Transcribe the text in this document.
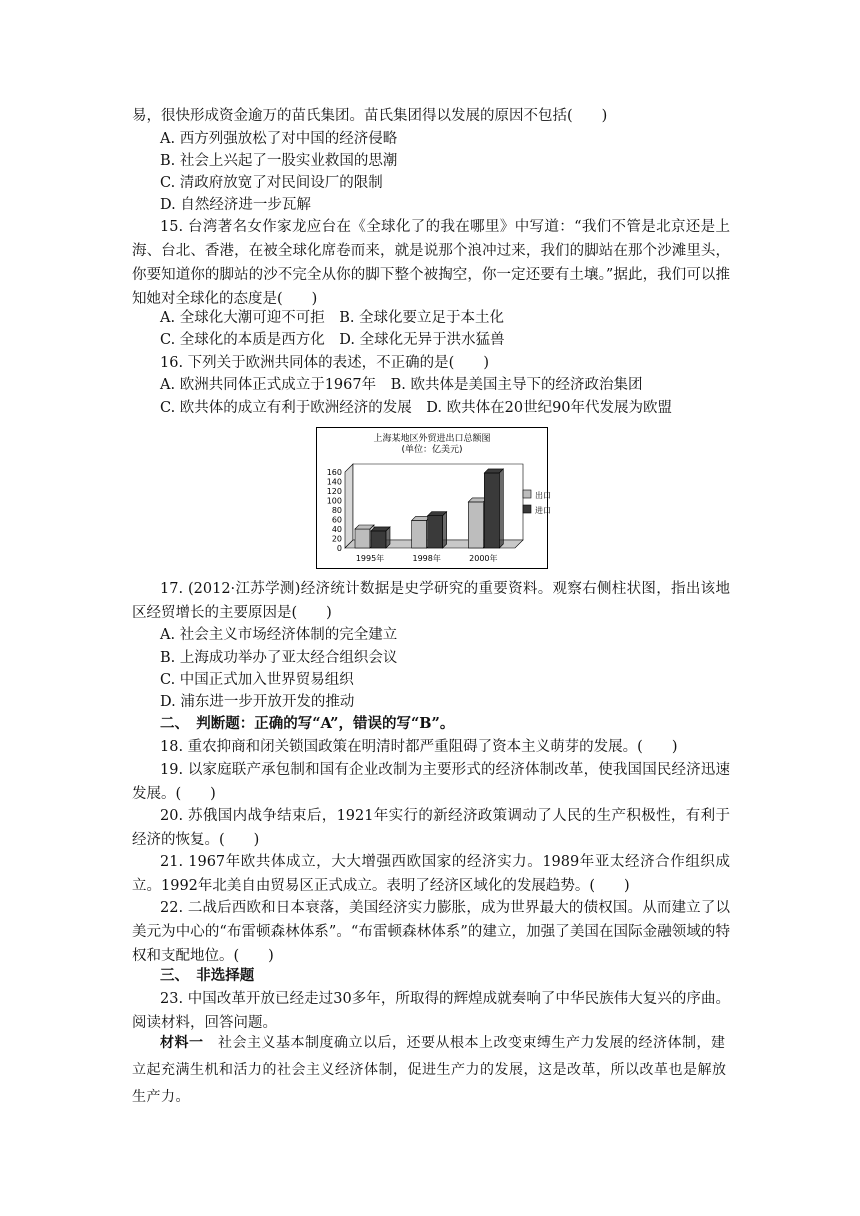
易，很快形成资金逾万的苗氏集团。苗氏集团得以发展的原因不包括(　　)
A. 西方列强放松了对中国的经济侵略
B. 社会上兴起了一股实业救国的思潮
C. 清政府放宽了对民间设厂的限制
D. 自然经济进一步瓦解
15. 台湾著名女作家龙应台在《全球化了的我在哪里》中写道：“我们不管是北京还是上海、台北、香港，在被全球化席卷而来，就是说那个浪冲过来，我们的脚站在那个沙滩里头，你要知道你的脚站的沙不完全从你的脚下整个被掏空，你一定还要有土壤。”据此，我们可以推知她对全球化的态度是(　　)
A. 全球化大潮可迎不可拒　B. 全球化要立足于本土化
C. 全球化的本质是西方化　D. 全球化无异于洪水猛兽
16. 下列关于欧洲共同体的表述，不正确的是(　　)
A. 欧洲共同体正式成立于1967年　B. 欧共体是美国主导下的经济政治集团
C. 欧共体的成立有利于欧洲经济的发展　D. 欧共体在20世纪90年代发展为欧盟
上海某地区外贸进出口总额图
(单位：亿美元)
0
20
40
60
80
100
120
140
160
1995年	1998年	2000年
出口
进口
17. (2012·江苏学测)经济统计数据是史学研究的重要资料。观察右侧柱状图，指出该地区经贸增长的主要原因是(　　)
A. 社会主义市场经济体制的完全建立
B. 上海成功举办了亚太经合组织会议
C. 中国正式加入世界贸易组织
D. 浦东进一步开放开发的推动
二、　判断题：正确的写“A”，错误的写“B”。
18. 重农抑商和闭关锁国政策在明清时都严重阻碍了资本主义萌芽的发展。(　　)
19. 以家庭联产承包制和国有企业改制为主要形式的经济体制改革，使我国国民经济迅速发展。(　　)
20. 苏俄国内战争结束后，1921年实行的新经济政策调动了人民的生产积极性，有利于经济的恢复。(　　)
21. 1967年欧共体成立，大大增强西欧国家的经济实力。1989年亚太经济合作组织成立。1992年北美自由贸易区正式成立。表明了经济区域化的发展趋势。(　　)
22. 二战后西欧和日本衰落，美国经济实力膨胀，成为世界最大的债权国。从而建立了以美元为中心的“布雷顿森林体系”。“布雷顿森林体系”的建立，加强了美国在国际金融领域的特权和支配地位。(　　)
三、　非选择题
23. 中国改革开放已经走过30多年，所取得的辉煌成就奏响了中华民族伟大复兴的序曲。阅读材料，回答问题。
材料一　社会主义基本制度确立以后，还要从根本上改变束缚生产力发展的经济体制，建立起充满生机和活力的社会主义经济体制，促进生产力的发展，这是改革，所以改革也是解放生产力。
